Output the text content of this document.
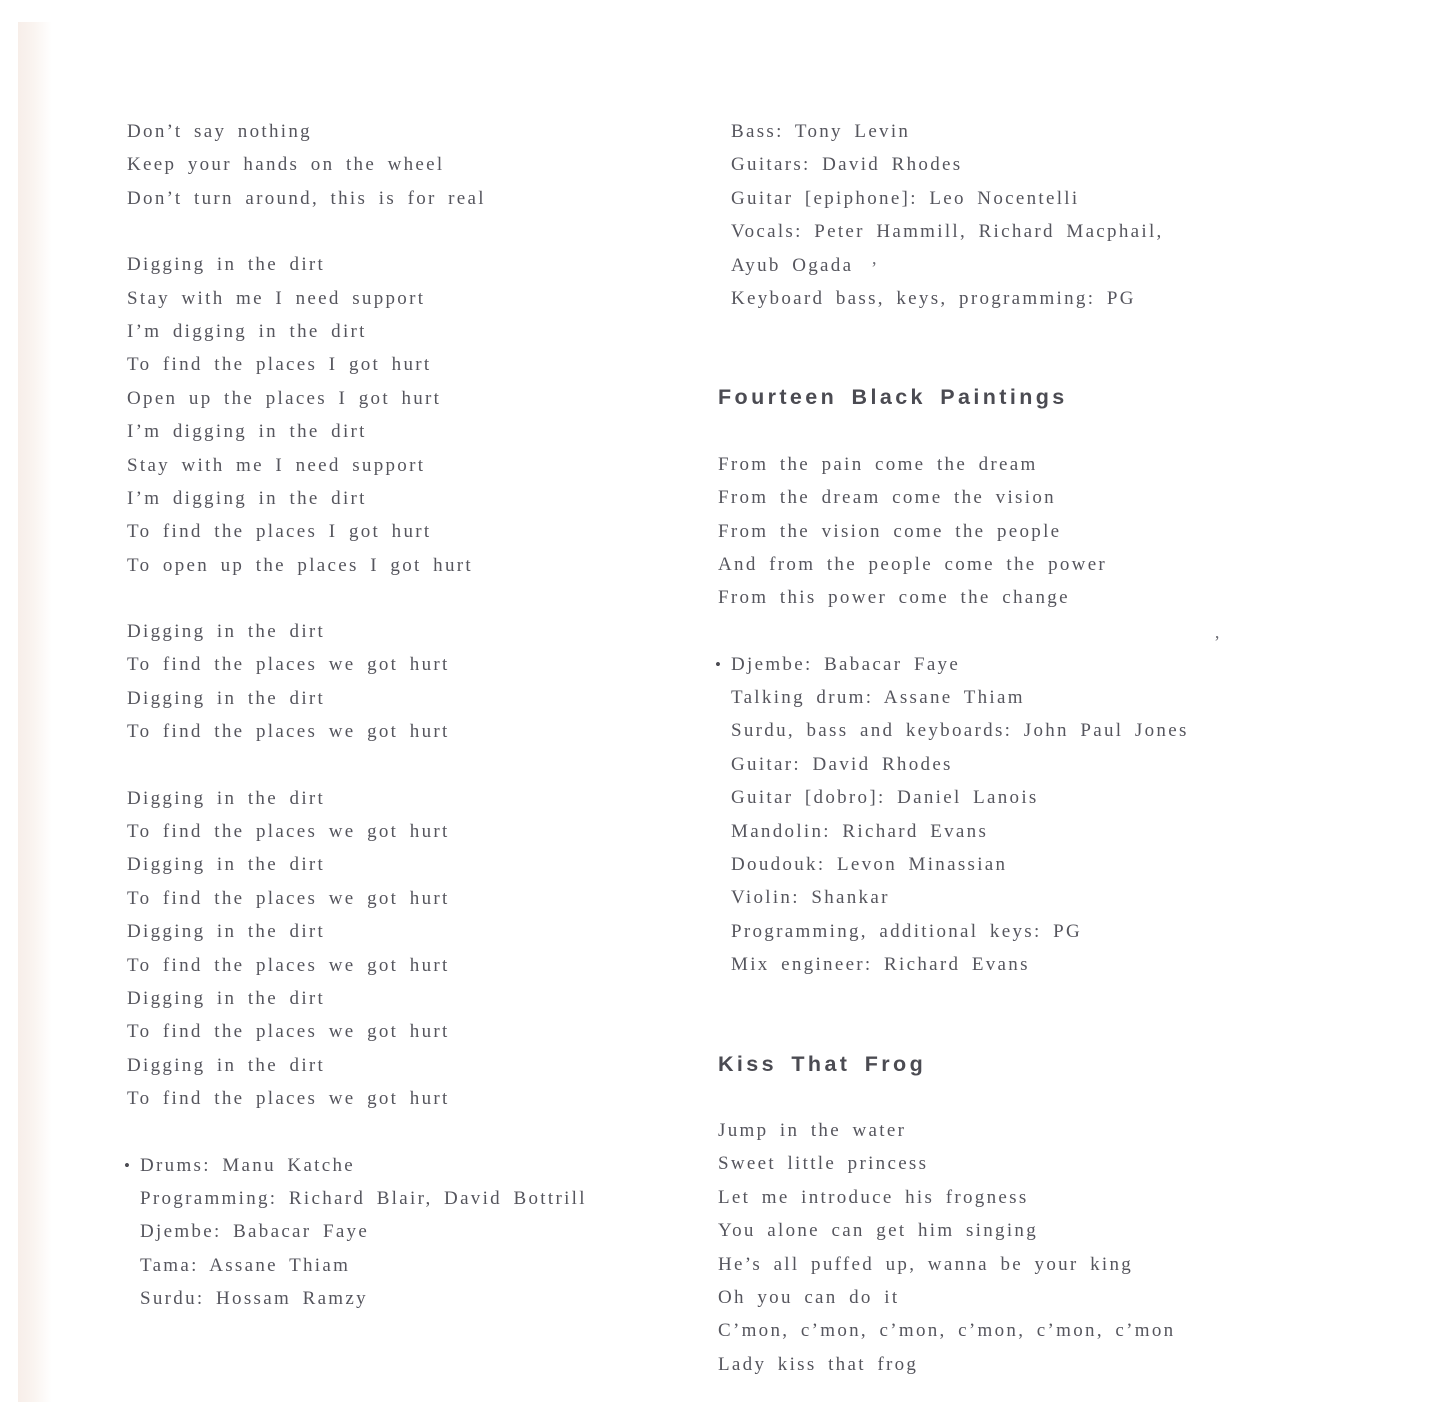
Don’t say nothing
Keep your hands on the wheel
Don’t turn around, this is for real
Digging in the dirt
Stay with me I need support
I’m digging in the dirt
To find the places I got hurt
Open up the places I got hurt
I’m digging in the dirt
Stay with me I need support
I’m digging in the dirt
To find the places I got hurt
To open up the places I got hurt
Digging in the dirt
To find the places we got hurt
Digging in the dirt
To find the places we got hurt
Digging in the dirt
To find the places we got hurt
Digging in the dirt
To find the places we got hurt
Digging in the dirt
To find the places we got hurt
Digging in the dirt
To find the places we got hurt
Digging in the dirt
To find the places we got hurt
• Drums: Manu Katche
Programming: Richard Blair, David Bottrill
Djembe: Babacar Faye
Tama: Assane Thiam
Surdu: Hossam Ramzy
Bass: Tony Levin
Guitars: David Rhodes
Guitar [epiphone]: Leo Nocentelli
Vocals: Peter Hammill, Richard Macphail,
Ayub Ogada
Keyboard bass, keys, programming: PG
Fourteen Black Paintings
From the pain come the dream
From the dream come the vision
From the vision come the people
And from the people come the power
From this power come the change
• Djembe: Babacar Faye
Talking drum: Assane Thiam
Surdu, bass and keyboards: John Paul Jones
Guitar: David Rhodes
Guitar [dobro]: Daniel Lanois
Mandolin: Richard Evans
Doudouk: Levon Minassian
Violin: Shankar
Programming, additional keys: PG
Mix engineer: Richard Evans
Kiss That Frog
Jump in the water
Sweet little princess
Let me introduce his frogness
You alone can get him singing
He’s all puffed up, wanna be your king
Oh you can do it
C’mon, c’mon, c’mon, c’mon, c’mon, c’mon
Lady kiss that frog
,
’
